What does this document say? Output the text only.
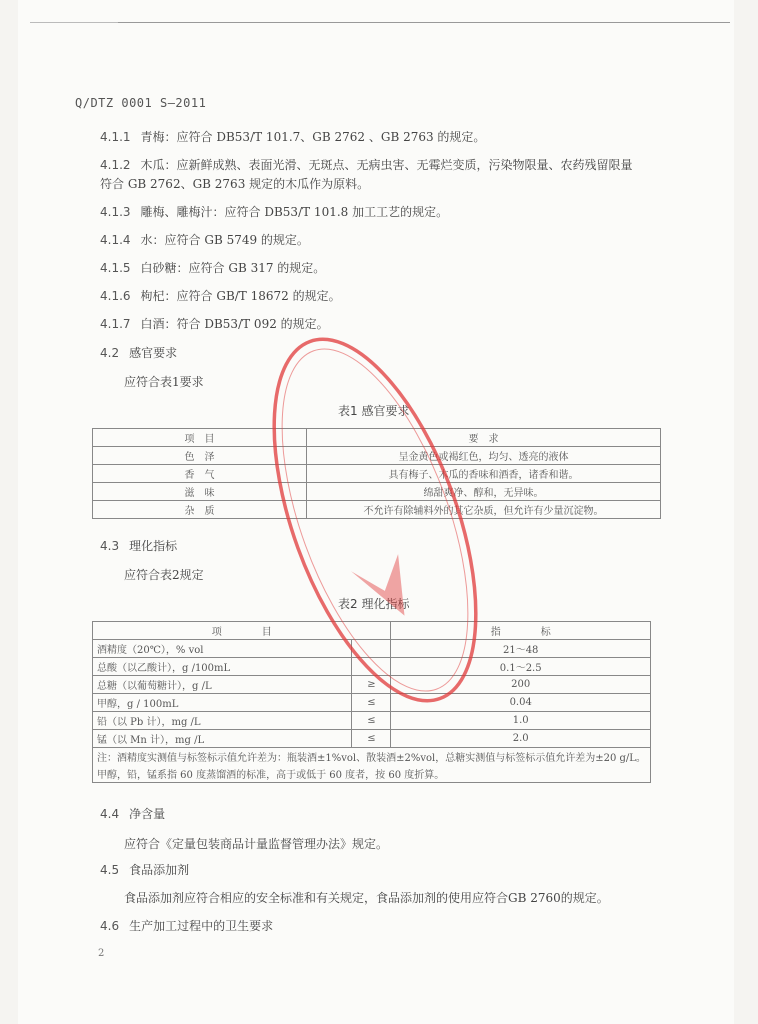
Q/DTZ 0001 S—2011
4.1.1 青梅：应符合 DB53/T 101.7、GB 2762 、GB 2763 的规定。
4.1.2 木瓜：应新鲜成熟、表面光滑、无斑点、无病虫害、无霉烂变质，污染物限量、农药残留限量
符合 GB 2762、GB 2763 规定的木瓜作为原料。
4.1.3 雕梅、雕梅汁：应符合 DB53/T 101.8 加工工艺的规定。
4.1.4 水：应符合 GB 5749 的规定。
4.1.5 白砂糖：应符合 GB 317 的规定。
4.1.6 枸杞：应符合 GB/T 18672 的规定。
4.1.7 白酒：符合 DB53/T 092 的规定。
4.2 感官要求
应符合表1要求
表1 感官要求
项　目	要　求
色　泽	呈金黄色或褐红色，均匀、透亮的液体
香　气	具有梅子、木瓜的香味和酒香，诸香和谐。
滋　味	绵甜爽净、醇和，无异味。
杂　质	不允许有除辅料外的其它杂质，但允许有少量沉淀物。
4.3 理化指标
应符合表2规定
表2 理化指标
项　　　　目		指　　　　标
酒精度（20℃），% vol		21～48
总酸（以乙酸计），g /100mL		0.1～2.5
总糖（以葡萄糖计），g /L	≥	200
甲醇，g / 100mL	≤	0.04
铅（以 Pb 计），mg /L	≤	1.0
锰（以 Mn 计），mg /L	≤	2.0
注：酒精度实测值与标签标示值允许差为：瓶装酒±1%vol、散装酒±2%vol，总糖实测值与标签标示值允许差为±20 g/L。		
甲醇，铅，锰系指 60 度蒸馏酒的标准，高于或低于 60 度者，按 60 度折算。		
4.4 净含量
应符合《定量包装商品计量监督管理办法》规定。
4.5 食品添加剂
食品添加剂应符合相应的安全标准和有关规定，食品添加剂的使用应符合GB 2760的规定。
4.6 生产加工过程中的卫生要求
2
